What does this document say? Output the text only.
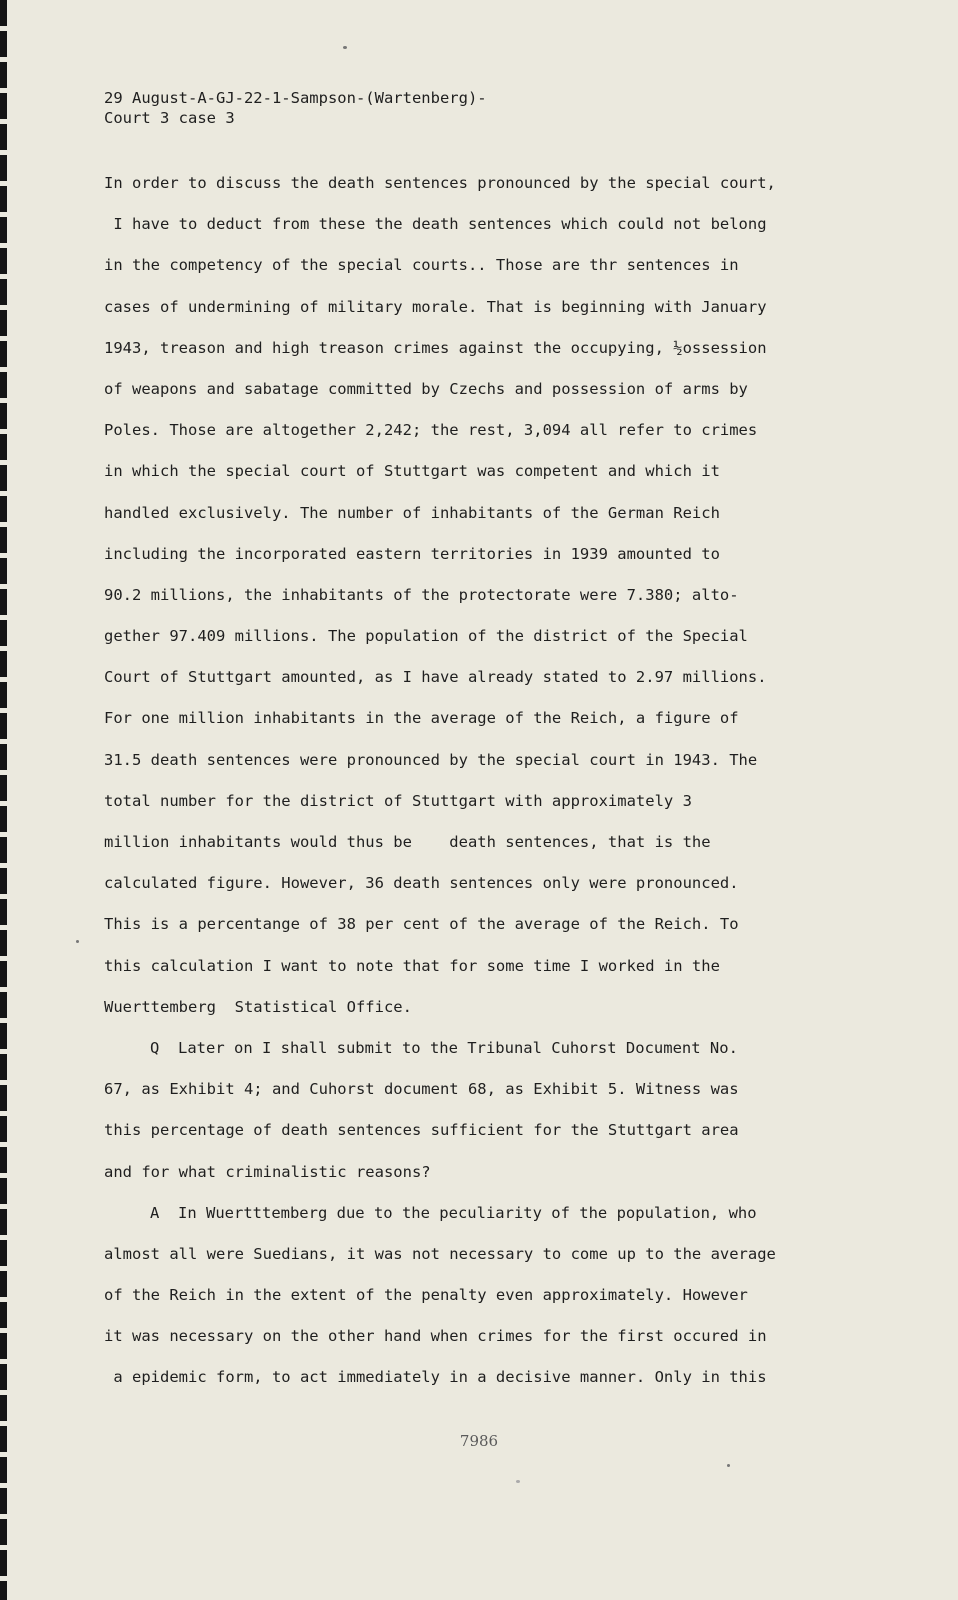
29 August-A-GJ-22-1-Sampson-(Wartenberg)-
Court 3 case 3
In order to discuss the death sentences pronounced by the special court,
I have to deduct from these the death sentences which could not belong
in the competency of the special courts.. Those are thr sentences in
cases of undermining of military morale. That is beginning with January
1943, treason and high treason crimes against the occupying, ½ossession
of weapons and sabatage committed by Czechs and possession of arms by
Poles. Those are altogether 2,242; the rest, 3,094 all refer to crimes
in which the special court of Stuttgart was competent and which it
handled exclusively. The number of inhabitants of the German Reich
including the incorporated eastern territories in 1939 amounted to
90.2 millions, the inhabitants of the protectorate were 7.380; alto-
gether 97.409 millions. The population of the district of the Special
Court of Stuttgart amounted, as I have already stated to 2.97 millions.
For one million inhabitants in the average of the Reich, a figure of
31.5 death sentences were pronounced by the special court in 1943. The
total number for the district of Stuttgart with approximately 3
million inhabitants would thus be    death sentences, that is the
calculated figure. However, 36 death sentences only were pronounced.
This is a percentange of 38 per cent of the average of the Reich. To
this calculation I want to note that for some time I worked in the
Wuerttemberg  Statistical Office.
Q  Later on I shall submit to the Tribunal Cuhorst Document No.
67, as Exhibit 4; and Cuhorst document 68, as Exhibit 5. Witness was
this percentage of death sentences sufficient for the Stuttgart area
and for what criminalistic reasons?
A  In Wuertttemberg due to the peculiarity of the population, who
almost all were Suedians, it was not necessary to come up to the average
of the Reich in the extent of the penalty even approximately. However
it was necessary on the other hand when crimes for the first occured in
a epidemic form, to act immediately in a decisive manner. Only in this
7986
